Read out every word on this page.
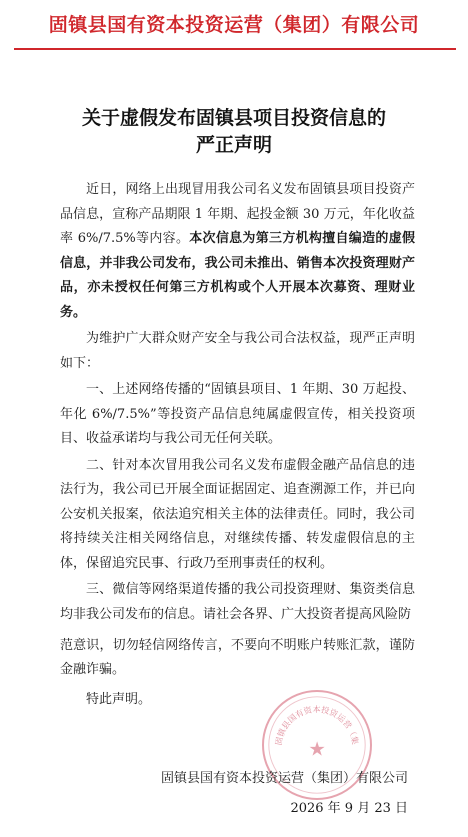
固镇县国有资本投资运营（集团）有限公司
关于虚假发布固镇县项目投资信息的
严正声明

近日，网络上出现冒用我公司名义发布固镇县项目投资产品信息，宣称产品期限 1 年期、起投金额 30 万元，年化收益率 6%/7.5%等内容。本次信息为第三方机构擅自编造的虚假信息，并非我公司发布，我公司未推出、销售本次投资理财产品，亦未授权任何第三方机构或个人开展本次募资、理财业务。

为维护广大群众财产安全与我公司合法权益，现严正声明如下：

一、上述网络传播的“固镇县项目、1 年期、30 万起投、年化 6%/7.5%”等投资产品信息纯属虚假宣传，相关投资项目、收益承诺均与我公司无任何关联。

二、针对本次冒用我公司名义发布虚假金融产品信息的违法行为，我公司已开展全面证据固定、追查溯源工作，并已向公安机关报案，依法追究相关主体的法律责任。同时，我公司将持续关注相关网络信息，对继续传播、转发虚假信息的主体，保留追究民事、行政乃至刑事责任的权利。

三、微信等网络渠道传播的我公司投资理财、集资类信息均非我公司发布的信息。请社会各界、广大投资者提高风险防

范意识，切勿轻信网络传言，不要向不明账户转账汇款，谨防金融诈骗。

特此声明。

固镇县国有资本投资运营（集
★
固镇县国有资本投资运营（集团）有限公司
2026 年 9 月 23 日
